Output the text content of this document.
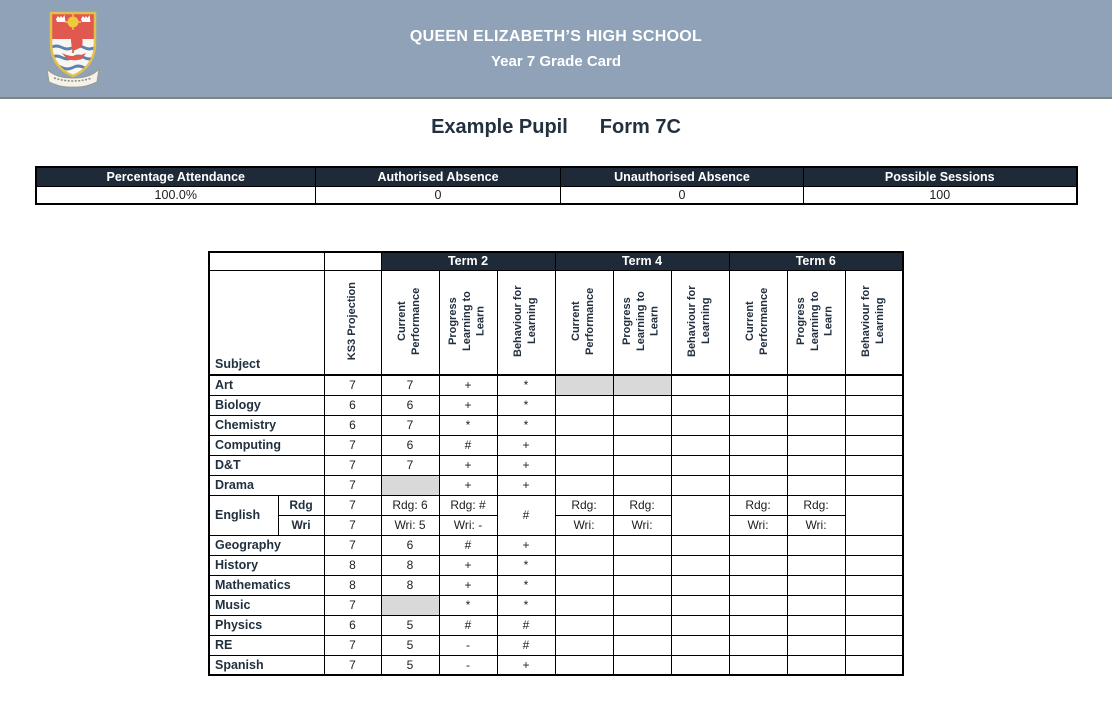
QUEEN ELIZABETH’S HIGH SCHOOL
Year 7 Grade Card
Example Pupil Form 7C
Percentage Attendance	Authorised Absence	Unauthorised Absence	Possible Sessions
100.0%	0	0	100
			Term 2			Term 4			Term 6		
Subject		KS3 Projection	Current Performance	Progress Learning to Learn	Behaviour for Learning	Current Performance	Progress Learning to Learn	Behaviour for Learning	Current Performance	Progress Learning to Learn	Behaviour for Learning
Art		7	7	+	*						
Biology		6	6	+	*						
Chemistry		6	7	*	*						
Computing		7	6	#	+						
D&T		7	7	+	+						
Drama		7		+	+						
English	Rdg	7	Rdg: 6	Rdg: #	#	Rdg:	Rdg:		Rdg:	Rdg:	
	Wri	7	Wri: 5	Wri: -		Wri:	Wri:		Wri:	Wri:	
Geography		7	6	#	+						
History		8	8	+	*						
Mathematics		8	8	+	*						
Music		7		*	*						
Physics		6	5	#	#						
RE		7	5	-	#						
Spanish		7	5	-	+						
